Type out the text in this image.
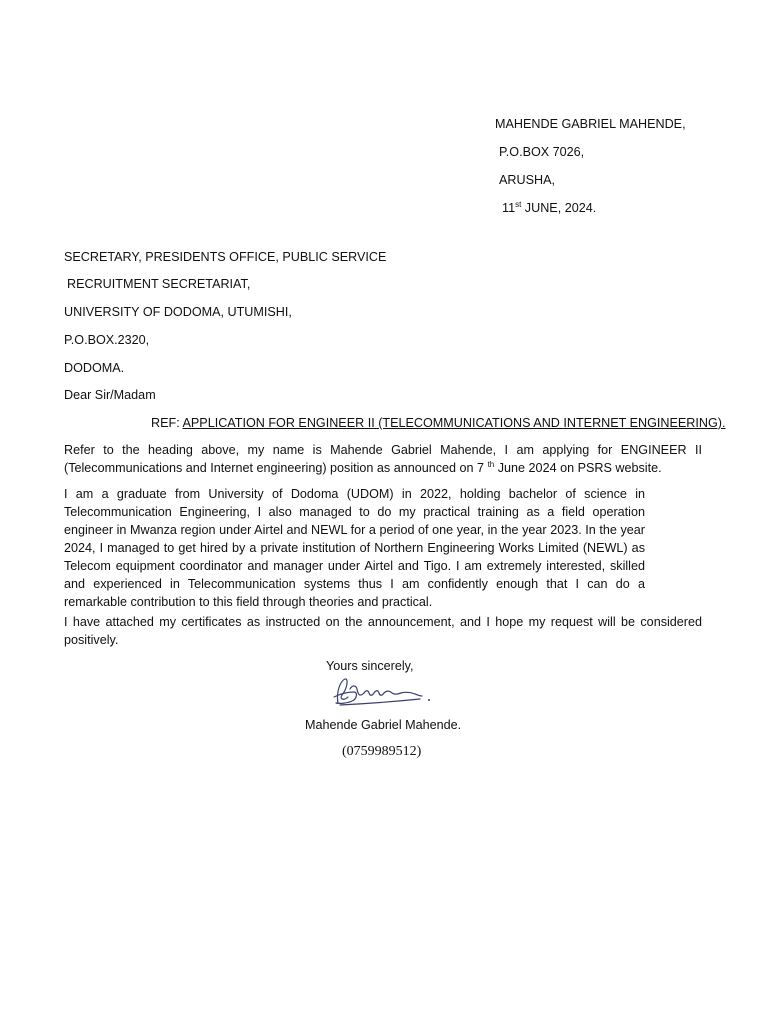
MAHENDE GABRIEL MAHENDE,
P.O.BOX 7026,
ARUSHA,
11st JUNE, 2024.
SECRETARY, PRESIDENTS OFFICE, PUBLIC SERVICE
RECRUITMENT SECRETARIAT,
UNIVERSITY OF DODOMA, UTUMISHI,
P.O.BOX.2320,
DODOMA.
Dear Sir/Madam
REF: APPLICATION FOR ENGINEER II (TELECOMMUNICATIONS AND INTERNET ENGINEERING).
Refer to the heading above, my name is Mahende Gabriel Mahende, I am applying for ENGINEER II (Telecommunications and Internet engineering) position as announced on 7 $^{th}$ June 2024 on PSRS website.
I am a graduate from University of Dodoma (UDOM) in 2022, holding bachelor of science in Telecommunication Engineering, I also managed to do my practical training as a field operation engineer in Mwanza region under Airtel and NEWL for a period of one year, in the year 2023. In the year 2024, I managed to get hired by a private institution of Northern Engineering Works Limited (NEWL) as Telecom equipment coordinator and manager under Airtel and Tigo. I am extremely interested, skilled and experienced in Telecommunication systems thus I am confidently enough that I can do a remarkable contribution to this field through theories and practical.
I have attached my certificates as instructed on the announcement, and I hope my request will be considered positively.
Yours sincerely,
Mahende Gabriel Mahende.
(0759989512)
